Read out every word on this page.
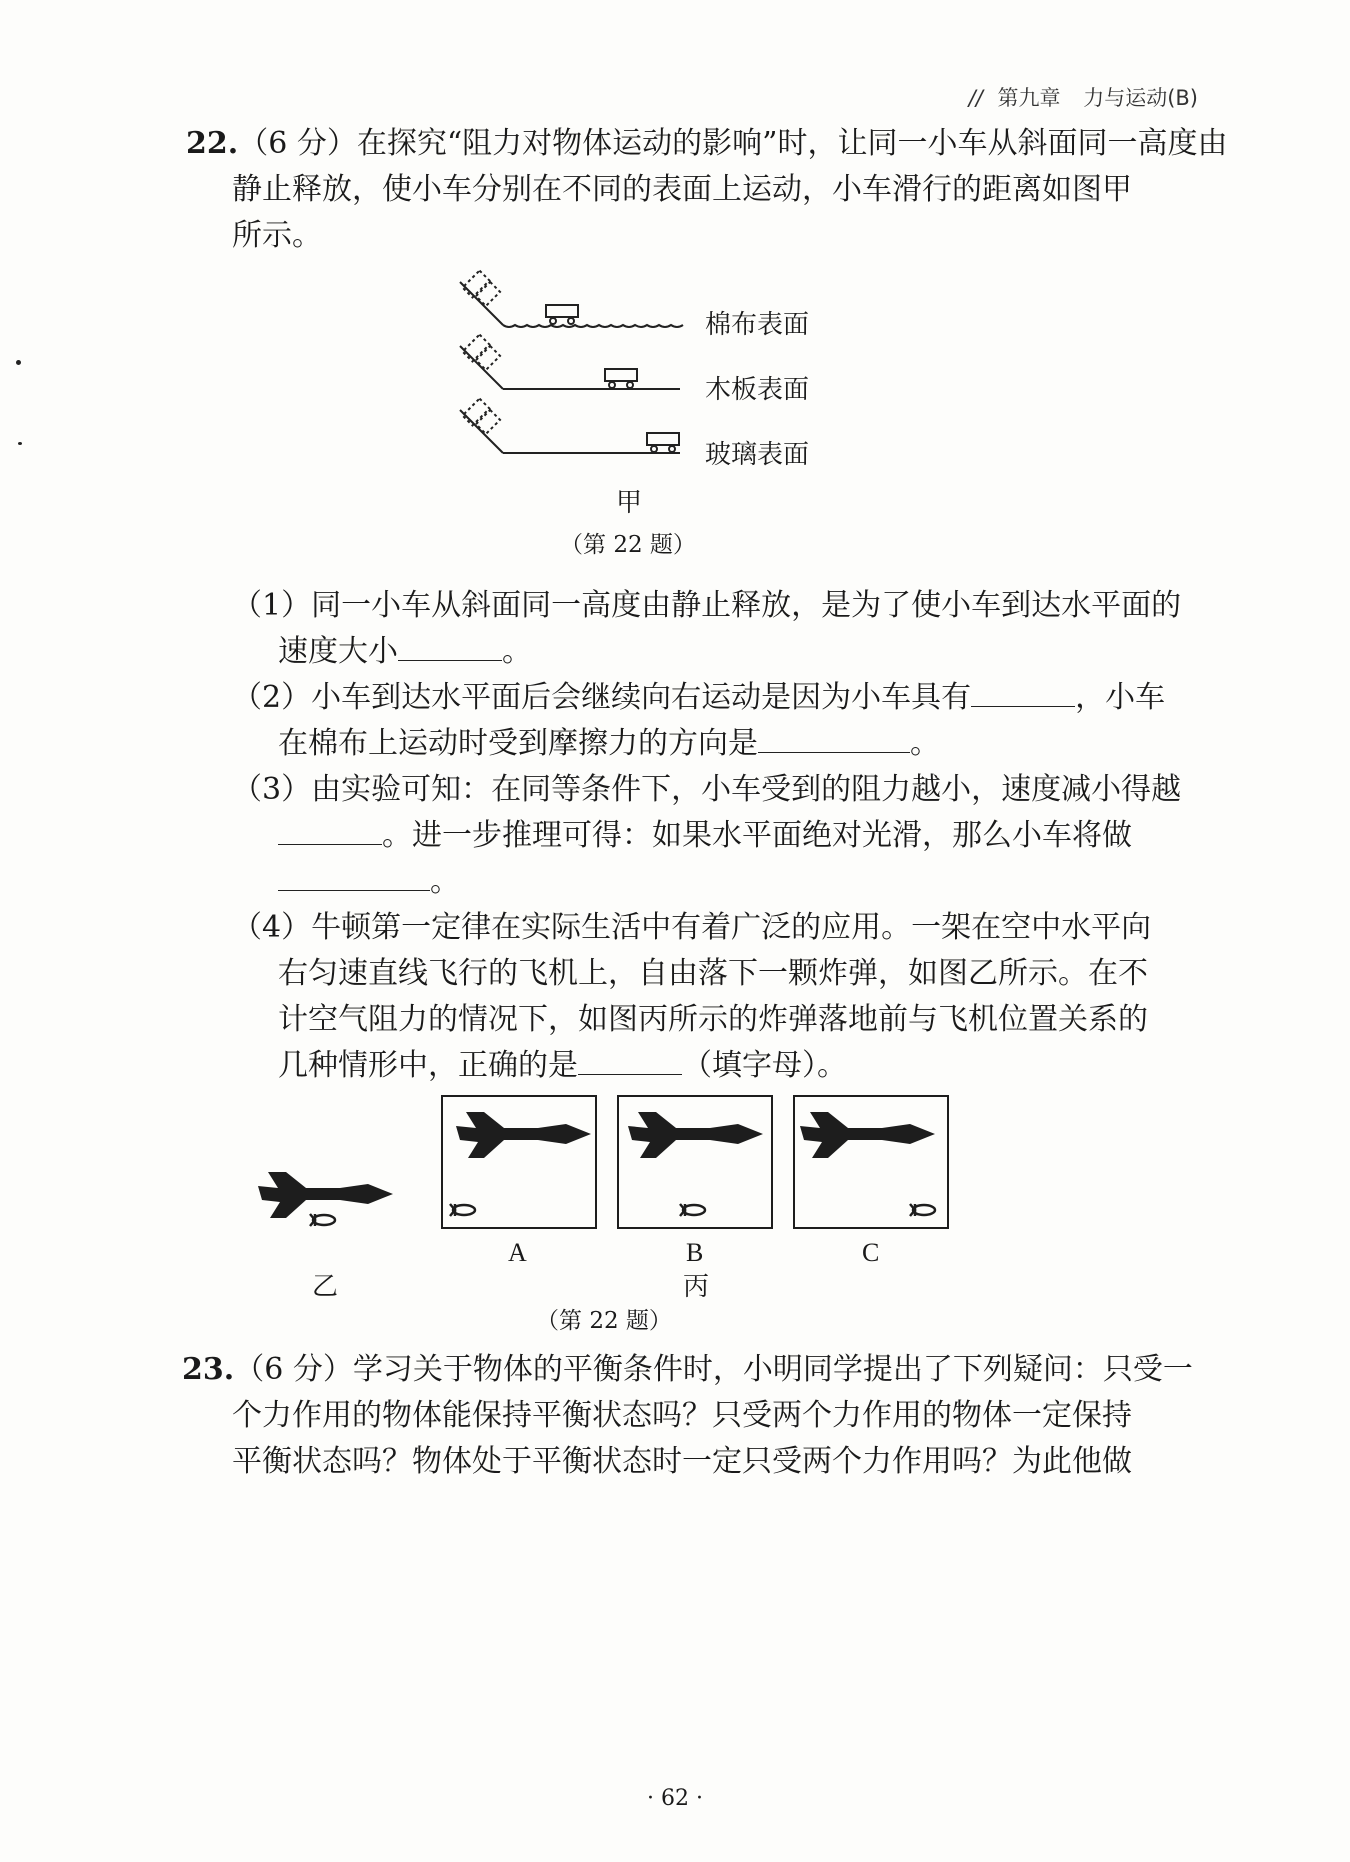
// 第九章 力与运动(B)
22.（6 分）在探究“阻力对物体运动的影响”时，让同一小车从斜面同一高度由
静止释放，使小车分别在不同的表面上运动，小车滑行的距离如图甲
所示。
棉布表面
木板表面
玻璃表面
甲
（第 22 题）
（1）同一小车从斜面同一高度由静止释放，是为了使小车到达水平面的
速度大小	。
（2）小车到达水平面后会继续向右运动是因为小车具有	，小车
在棉布上运动时受到摩擦力的方向是	。
（3）由实验可知：在同等条件下，小车受到的阻力越小，速度减小得越
。进一步推理可得：如果水平面绝对光滑，那么小车将做
。
（4）牛顿第一定律在实际生活中有着广泛的应用。一架在空中水平向
右匀速直线飞行的飞机上，自由落下一颗炸弹，如图乙所示。在不
计空气阻力的情况下，如图丙所示的炸弹落地前与飞机位置关系的
几种情形中，正确的是	（填字母）。
乙
A	B	C
丙
（第 22 题）
23.（6 分）学习关于物体的平衡条件时，小明同学提出了下列疑问：只受一
个力作用的物体能保持平衡状态吗？只受两个力作用的物体一定保持
平衡状态吗？物体处于平衡状态时一定只受两个力作用吗？为此他做
· 62 ·
